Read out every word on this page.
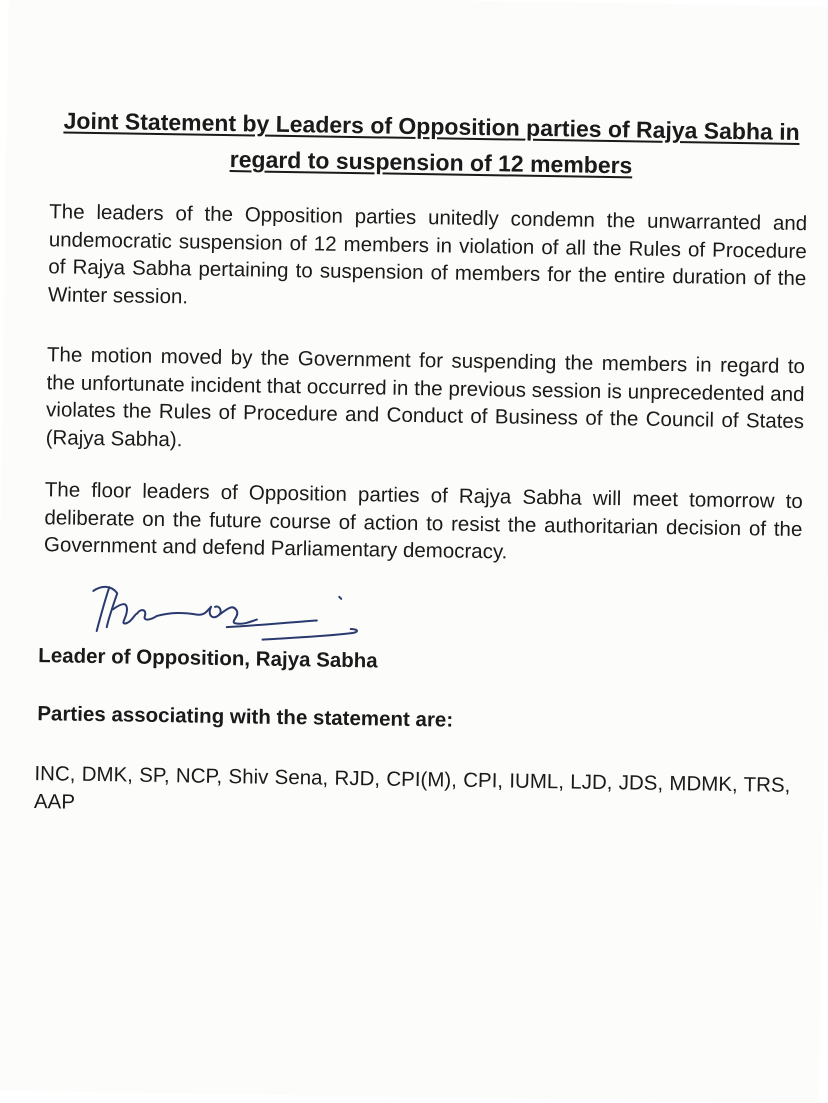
Joint Statement by Leaders of Opposition parties of Rajya Sabha in regard to suspension of 12 members

The leaders of the Opposition parties unitedly condemn the unwarranted and undemocratic suspension of 12 members in violation of all the Rules of Procedure of Rajya Sabha pertaining to suspension of members for the entire duration of the Winter session.

The motion moved by the Government for suspending the members in regard to the unfortunate incident that occurred in the previous session is unprecedented and violates the Rules of Procedure and Conduct of Business of the Council of States (Rajya Sabha).

The floor leaders of Opposition parties of Rajya Sabha will meet tomorrow to deliberate on the future course of action to resist the authoritarian decision of the Government and defend Parliamentary democracy.

Leader of Opposition, Rajya Sabha

Parties associating with the statement are:

INC, DMK, SP, NCP, Shiv Sena, RJD, CPI(M), CPI, IUML, LJD, JDS, MDMK, TRS, AAP
